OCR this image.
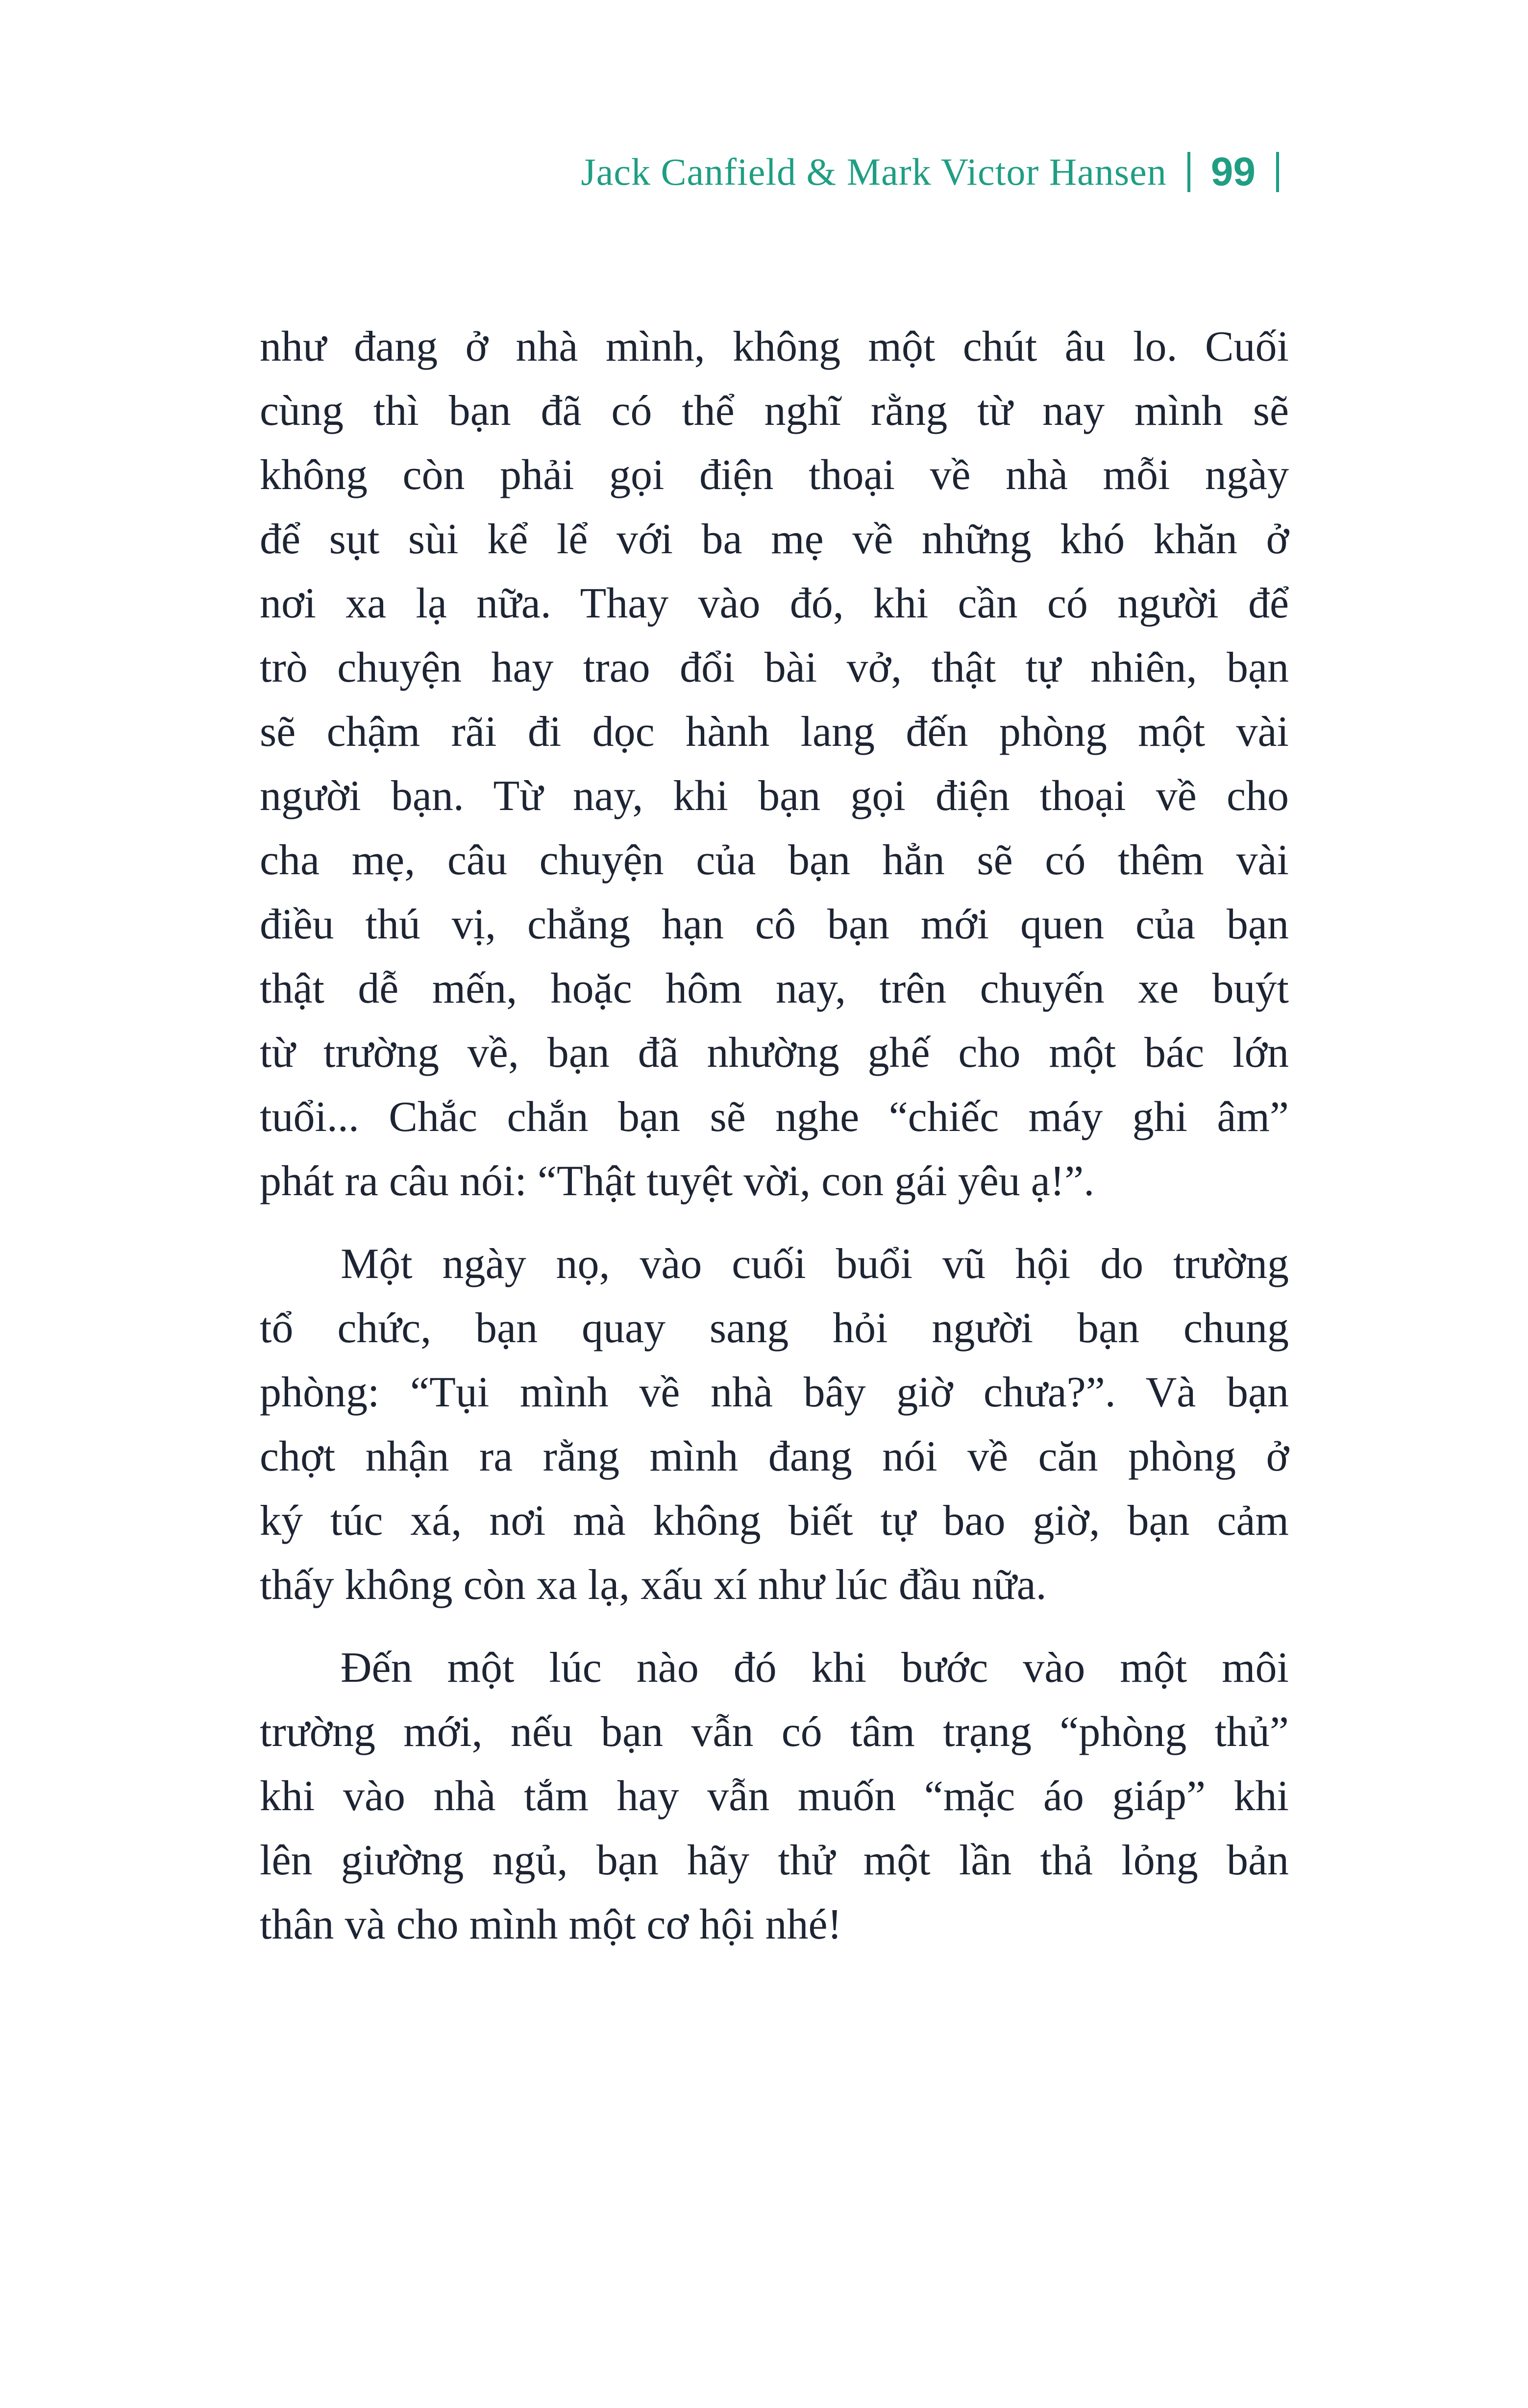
Jack Canfield & Mark Victor Hansen 99
như đang ở nhà mình, không một chút âu lo. Cuối
cùng thì bạn đã có thể nghĩ rằng từ nay mình sẽ
không còn phải gọi điện thoại về nhà mỗi ngày
để sụt sùi kể lể với ba mẹ về những khó khăn ở
nơi xa lạ nữa. Thay vào đó, khi cần có người để
trò chuyện hay trao đổi bài vở, thật tự nhiên, bạn
sẽ chậm rãi đi dọc hành lang đến phòng một vài
người bạn. Từ nay, khi bạn gọi điện thoại về cho
cha mẹ, câu chuyện của bạn hẳn sẽ có thêm vài
điều thú vị, chẳng hạn cô bạn mới quen của bạn
thật dễ mến, hoặc hôm nay, trên chuyến xe buýt
từ trường về, bạn đã nhường ghế cho một bác lớn
tuổi... Chắc chắn bạn sẽ nghe “chiếc máy ghi âm”
phát ra câu nói: “Thật tuyệt vời, con gái yêu ạ!”.
Một ngày nọ, vào cuối buổi vũ hội do trường
tổ chức, bạn quay sang hỏi người bạn chung
phòng: “Tụi mình về nhà bây giờ chưa?”. Và bạn
chợt nhận ra rằng mình đang nói về căn phòng ở
ký túc xá, nơi mà không biết tự bao giờ, bạn cảm
thấy không còn xa lạ, xấu xí như lúc đầu nữa.
Đến một lúc nào đó khi bước vào một môi
trường mới, nếu bạn vẫn có tâm trạng “phòng thủ”
khi vào nhà tắm hay vẫn muốn “mặc áo giáp” khi
lên giường ngủ, bạn hãy thử một lần thả lỏng bản
thân và cho mình một cơ hội nhé!
